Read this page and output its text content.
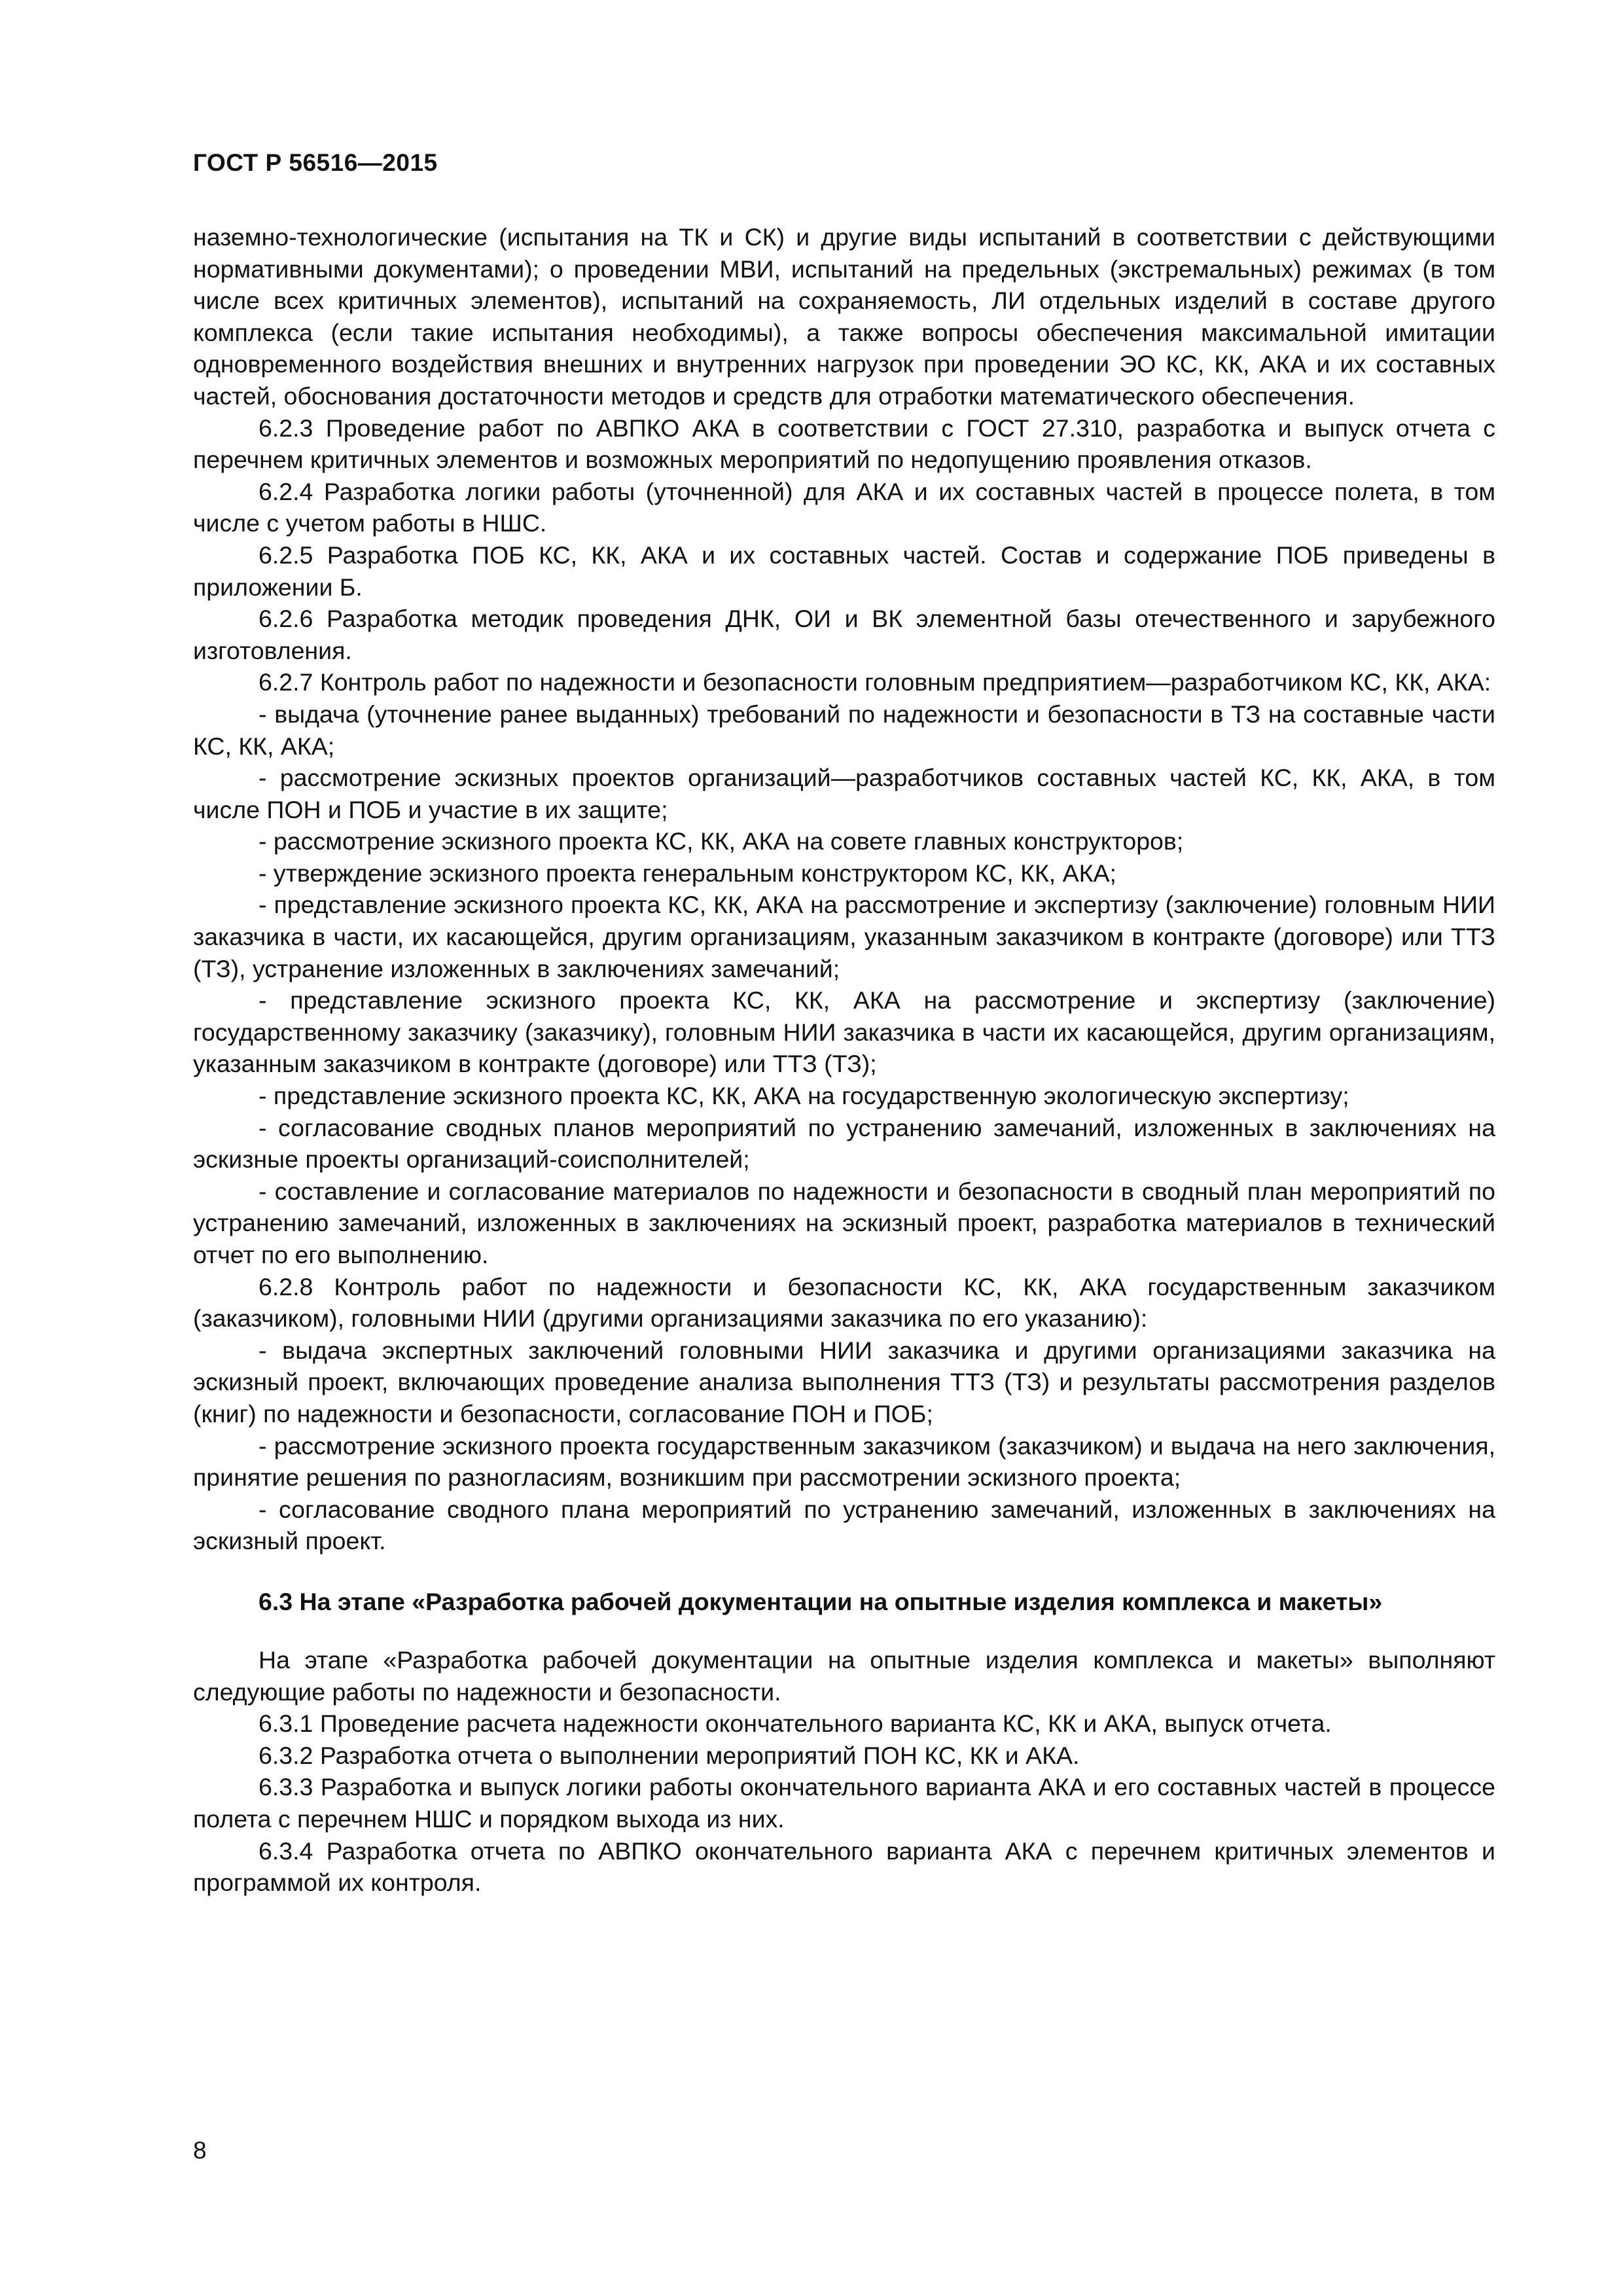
ГОСТ Р 56516—2015

наземно-технологические (испытания на ТК и СК) и другие виды испытаний в соответствии с действующими нормативными документами); о проведении МВИ, испытаний на предельных (экстремальных) режимах (в том числе всех критичных элементов), испытаний на сохраняемость, ЛИ отдельных изделий в составе другого комплекса (если такие испытания необходимы), а также вопросы обеспечения максимальной имитации одновременного воздействия внешних и внутренних нагрузок при проведении ЭО КС, КК, АКА и их составных частей, обоснования достаточности методов и средств для отработки математического обеспечения.

6.2.3 Проведение работ по АВПКО АКА в соответствии с ГОСТ 27.310, разработка и выпуск отчета с перечнем критичных элементов и возможных мероприятий по недопущению проявления отказов.

6.2.4 Разработка логики работы (уточненной) для АКА и их составных частей в процессе полета, в том числе с учетом работы в НШС.

6.2.5 Разработка ПОБ КС, КК, АКА и их составных частей. Состав и содержание ПОБ приведены в приложении Б.

6.2.6 Разработка методик проведения ДНК, ОИ и ВК элементной базы отечественного и зарубежного изготовления.

6.2.7 Контроль работ по надежности и безопасности головным предприятием—разработчиком КС, КК, АКА:

- выдача (уточнение ранее выданных) требований по надежности и безопасности в ТЗ на составные части КС, КК, АКА;

- рассмотрение эскизных проектов организаций—разработчиков составных частей КС, КК, АКА, в том числе ПОН и ПОБ и участие в их защите;

- рассмотрение эскизного проекта КС, КК, АКА на совете главных конструкторов;

- утверждение эскизного проекта генеральным конструктором КС, КК, АКА;

- представление эскизного проекта КС, КК, АКА на рассмотрение и экспертизу (заключение) головным НИИ заказчика в части, их касающейся, другим организациям, указанным заказчиком в контракте (договоре) или ТТЗ (ТЗ), устранение изложенных в заключениях замечаний;

- представление эскизного проекта КС, КК, АКА на рассмотрение и экспертизу (заключение) государственному заказчику (заказчику), головным НИИ заказчика в части их касающейся, другим организациям, указанным заказчиком в контракте (договоре) или ТТЗ (ТЗ);

- представление эскизного проекта КС, КК, АКА на государственную экологическую экспертизу;

- согласование сводных планов мероприятий по устранению замечаний, изложенных в заключениях на эскизные проекты организаций-соисполнителей;

- составление и согласование материалов по надежности и безопасности в сводный план мероприятий по устранению замечаний, изложенных в заключениях на эскизный проект, разработка материалов в технический отчет по его выполнению.

6.2.8 Контроль работ по надежности и безопасности КС, КК, АКА государственным заказчиком (заказчиком), головными НИИ (другими организациями заказчика по его указанию):

- выдача экспертных заключений головными НИИ заказчика и другими организациями заказчика на эскизный проект, включающих проведение анализа выполнения ТТЗ (ТЗ) и результаты рассмотрения разделов (книг) по надежности и безопасности, согласование ПОН и ПОБ;

- рассмотрение эскизного проекта государственным заказчиком (заказчиком) и выдача на него заключения, принятие решения по разногласиям, возникшим при рассмотрении эскизного проекта;

- согласование сводного плана мероприятий по устранению замечаний, изложенных в заключениях на эскизный проект.

6.3 На этапе «Разработка рабочей документации на опытные изделия комплекса и макеты»

На этапе «Разработка рабочей документации на опытные изделия комплекса и макеты» выполняют следующие работы по надежности и безопасности.

6.3.1 Проведение расчета надежности окончательного варианта КС, КК и АКА, выпуск отчета.

6.3.2 Разработка отчета о выполнении мероприятий ПОН КС, КК и АКА.

6.3.3 Разработка и выпуск логики работы окончательного варианта АКА и его составных частей в процессе полета с перечнем НШС и порядком выхода из них.

6.3.4 Разработка отчета по АВПКО окончательного варианта АКА с перечнем критичных элементов и программой их контроля.

8
